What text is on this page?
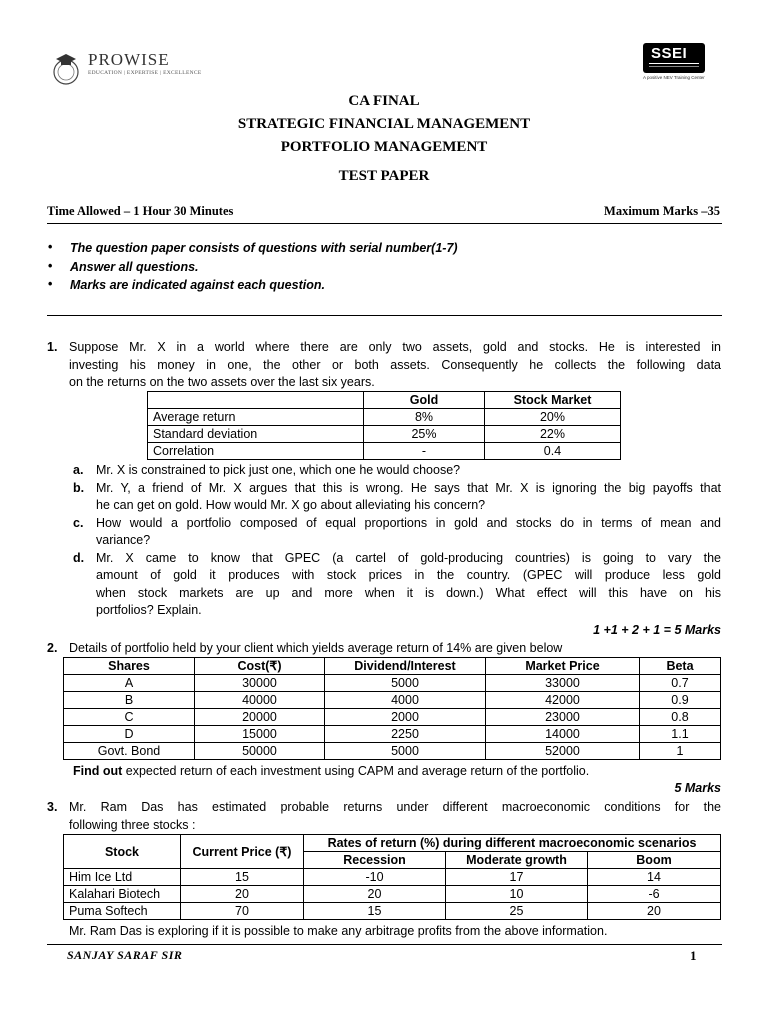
PROWISE
EDUCATION | EXPERTISE | EXCELLENCE
SSEI
A positive NEV Training Center
CA FINAL
STRATEGIC FINANCIAL MANAGEMENT
PORTFOLIO MANAGEMENT
TEST PAPER
Time Allowed – 1 Hour 30 Minutes	Maximum Marks –35
• The question paper consists of questions with serial number(1-7)
• Answer all questions.
• Marks are indicated against each question.
1. Suppose Mr. X in a world where there are only two assets, gold and stocks. He is interested in
investing his money in one, the other or both assets. Consequently he collects the following data
on the returns on the two assets over the last six years.
	Gold	Stock Market
Average return	8%	20%
Standard deviation	25%	22%
Correlation	-	0.4
a. Mr. X is constrained to pick just one, which one he would choose?
b. Mr. Y, a friend of Mr. X argues that this is wrong. He says that Mr. X is ignoring the big payoffs that
he can get on gold. How would Mr. X go about alleviating his concern?
c. How would a portfolio composed of equal proportions in gold and stocks do in terms of mean and
variance?
d. Mr. X came to know that GPEC (a cartel of gold-producing countries) is going to vary the
amount of gold it produces with stock prices in the country. (GPEC will produce less gold
when stock markets are up and more when it is down.) What effect will this have on his
portfolios? Explain.
1 +1 + 2 + 1 = 5 Marks
2. Details of portfolio held by your client which yields average return of 14% are given below
Shares	Cost(₹)	Dividend/Interest	Market Price	Beta
A	30000	5000	33000	0.7
B	40000	4000	42000	0.9
C	20000	2000	23000	0.8
D	15000	2250	14000	1.1
Govt. Bond	50000	5000	52000	1
Find out expected return of each investment using CAPM and average return of the portfolio.
5 Marks
3. Mr. Ram Das has estimated probable returns under different macroeconomic conditions for the
following three stocks :
Stock	Current Price (₹)	Rates of return (%) during different macroeconomic scenarios		
		Recession	Moderate growth	Boom
Him Ice Ltd	15	-10	17	14
Kalahari Biotech	20	20	10	-6
Puma Softech	70	15	25	20
Mr. Ram Das is exploring if it is possible to make any arbitrage profits from the above information.
SANJAY SARAF SIR	1
